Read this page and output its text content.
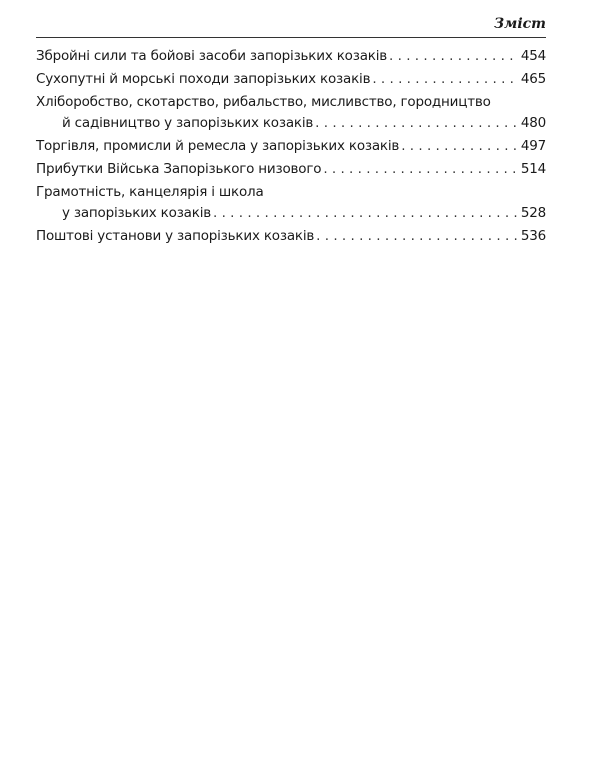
Зміст
Збройні сили та бойові засоби запорізьких козаків . . .	454
Сухопутні й морські походи запорізьких козаків . . .	465
Хліборобство, скотарство, рибальство, мисливство, городництво
й садівництво у запорізьких козаків . . .	480
Торгівля, промисли й ремесла у запорізьких козаків . . .	497
Прибутки Війська Запорізького низового . . .	514
Грамотність, канцелярія і школа
у запорізьких козаків . . .	528
Поштові установи у запорізьких козаків . . .	536
